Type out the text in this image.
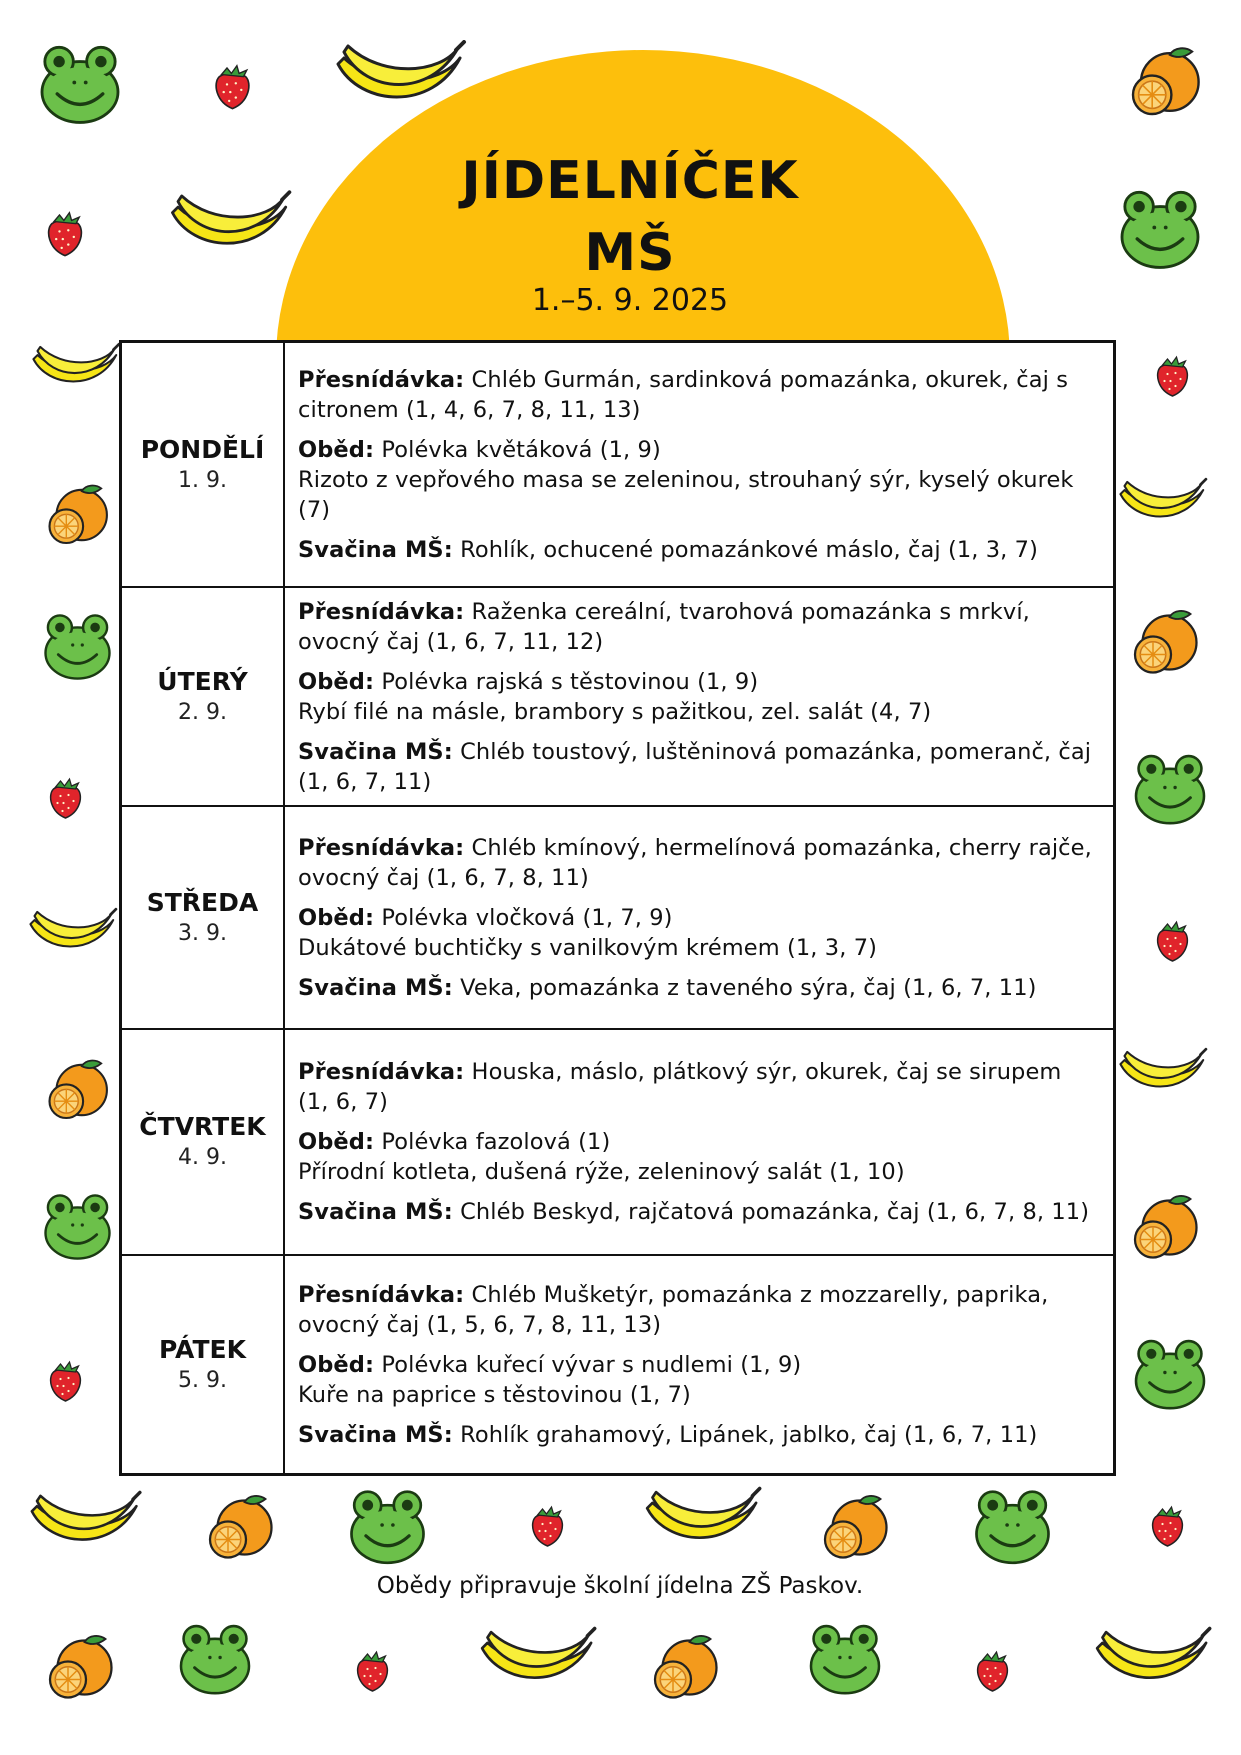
JÍDELNÍČEK
MŠ
1.–5. 9. 2025
PONDĚLÍ
1. 9.
Přesnídávka: Chléb Gurmán, sardinková pomazánka, okurek, čaj s citronem (1, 4, 6, 7, 8, 11, 13)
Oběd: Polévka květáková (1, 9)
Rizoto z vepřového masa se zeleninou, strouhaný sýr, kyselý okurek (7)
Svačina MŠ: Rohlík, ochucené pomazánkové máslo, čaj (1, 3, 7)
ÚTERÝ
2. 9.
Přesnídávka: Raženka cereální, tvarohová pomazánka s mrkví, ovocný čaj (1, 6, 7, 11, 12)
Oběd: Polévka rajská s těstovinou (1, 9)
Rybí filé na másle, brambory s pažitkou, zel. salát (4, 7)
Svačina MŠ: Chléb toustový, luštěninová pomazánka, pomeranč, čaj (1, 6, 7, 11)
STŘEDA
3. 9.
Přesnídávka: Chléb kmínový, hermelínová pomazánka, cherry rajče, ovocný čaj (1, 6, 7, 8, 11)
Oběd: Polévka vločková (1, 7, 9)
Dukátové buchtičky s vanilkovým krémem (1, 3, 7)
Svačina MŠ: Veka, pomazánka z taveného sýra, čaj (1, 6, 7, 11)
ČTVRTEK
4. 9.
Přesnídávka: Houska, máslo, plátkový sýr, okurek, čaj se sirupem (1, 6, 7)
Oběd: Polévka fazolová (1)
Přírodní kotleta, dušená rýže, zeleninový salát (1, 10)
Svačina MŠ: Chléb Beskyd, rajčatová pomazánka, čaj (1, 6, 7, 8, 11)
PÁTEK
5. 9.
Přesnídávka: Chléb Mušketýr, pomazánka z mozzarelly, paprika, ovocný čaj (1, 5, 6, 7, 8, 11, 13)
Oběd: Polévka kuřecí vývar s nudlemi (1, 9)
Kuře na paprice s těstovinou (1, 7)
Svačina MŠ: Rohlík grahamový, Lipánek, jablko, čaj (1, 6, 7, 11)
Obědy připravuje školní jídelna ZŠ Paskov.
